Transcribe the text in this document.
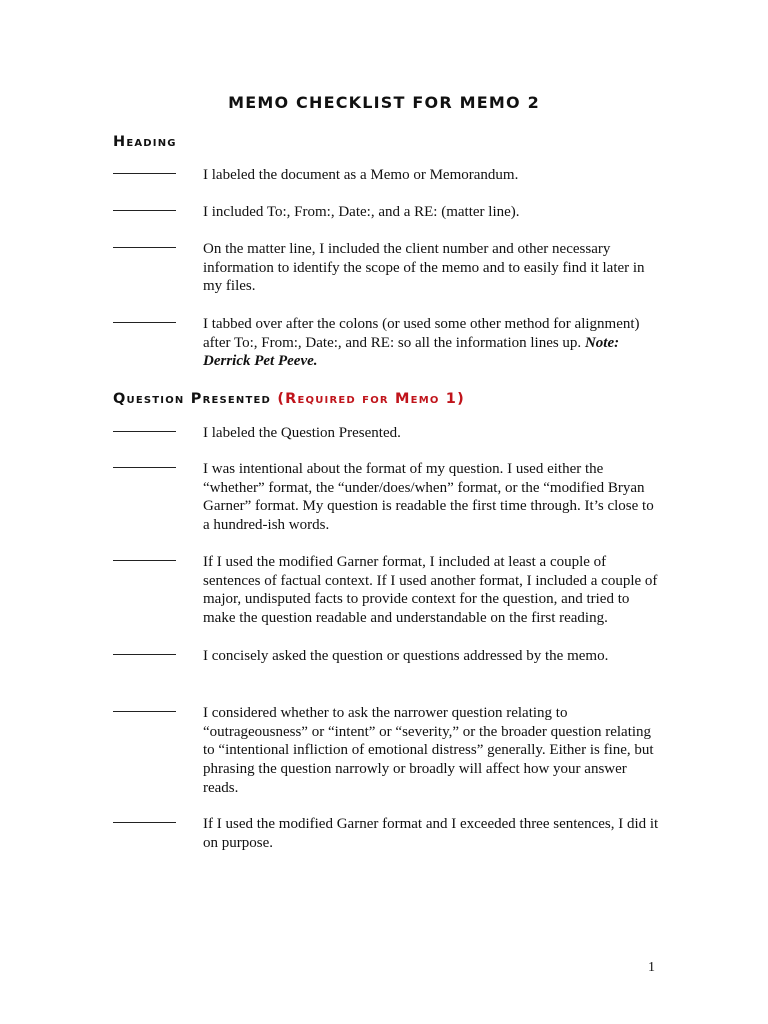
MEMO CHECKLIST FOR MEMO 2
Heading
I labeled the document as a Memo or Memorandum.
I included To:, From:, Date:, and a RE: (matter line).
On the matter line, I included the client number and other necessary information to identify the scope of the memo and to easily find it later in my files.
I tabbed over after the colons (or used some other method for alignment) after To:, From:, Date:, and RE: so all the information lines up. Note: Derrick Pet Peeve.
Question Presented (Required for Memo 1)
I labeled the Question Presented.
I was intentional about the format of my question. I used either the “whether” format, the “under/does/when” format, or the “modified Bryan Garner” format. My question is readable the first time through. It’s close to a hundred-ish words.
If I used the modified Garner format, I included at least a couple of sentences of factual context. If I used another format, I included a couple of major, undisputed facts to provide context for the question, and tried to make the question readable and understandable on the first reading.
I concisely asked the question or questions addressed by the memo.
I considered whether to ask the narrower question relating to “outrageousness” or “intent” or “severity,” or the broader question relating to “intentional infliction of emotional distress” generally. Either is fine, but phrasing the question narrowly or broadly will affect how your answer reads.
If I used the modified Garner format and I exceeded three sentences, I did it on purpose.
1
